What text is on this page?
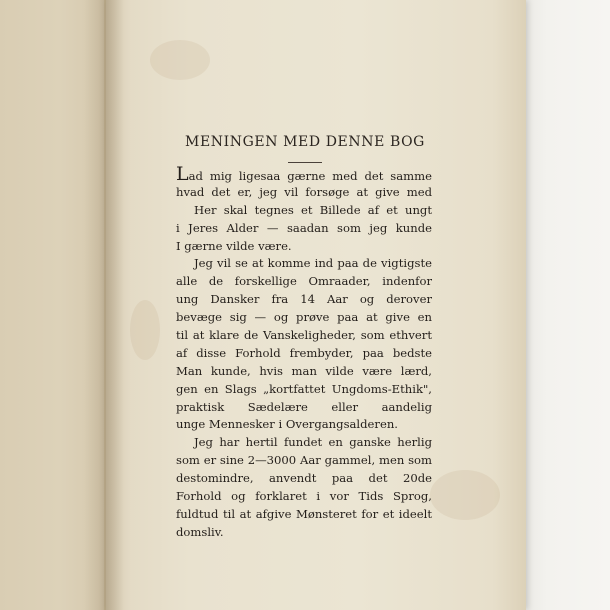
MENINGEN MED DENNE BOG
Lad mig ligesaa gærne med det samme
hvad det er, jeg vil forsøge at give med
Her skal tegnes et Billede af et ungt
i Jeres Alder — saadan som jeg kunde
I gærne vilde være.
Jeg vil se at komme ind paa de vigtigste
alle de forskellige Omraader, indenfor
ung Dansker fra 14 Aar og derover
bevæge sig — og prøve paa at give en
til at klare de Vanskeligheder, som ethvert
af disse Forhold frembyder, paa bedste
Man kunde, hvis man vilde være lærd,
gen en Slags „kortfattet Ungdoms-Ethik",
praktisk Sædelære eller aandelig
unge Mennesker i Overgangsalderen.
Jeg har hertil fundet en ganske herlig
som er sine 2—3000 Aar gammel, men som
destomindre, anvendt paa det 20de
Forhold og forklaret i vor Tids Sprog,
fuldtud til at afgive Mønsteret for et ideelt
domsliv.
